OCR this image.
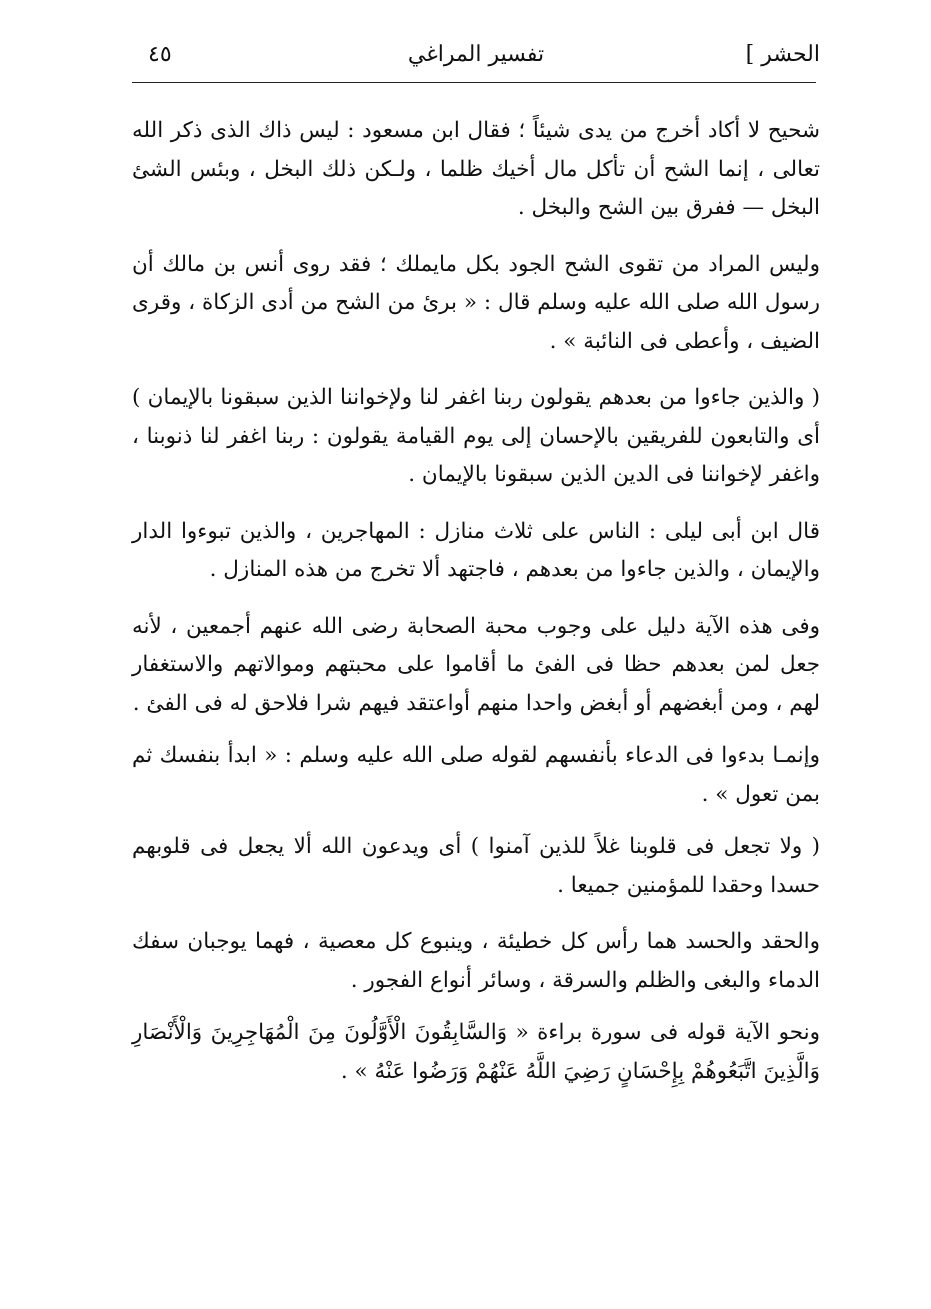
الحشر ]
تفسير المراغي
٤٥

شحيح لا أكاد أخرج من يدى شيئاً ؛ فقال ابن مسعود : ليس ذاك الذى ذكر الله تعالى ، إنما الشح أن تأكل مال أخيك ظلما ، ولـكن ذلك البخل ، وبئس الشئ البخل — ففرق بين الشح والبخل .

وليس المراد من تقوى الشح الجود بكل مايملك ؛ فقد روى أنس بن مالك أن رسول الله صلى الله عليه وسلم قال : « برئ من الشح من أدى الزكاة ، وقرى الضيف ، وأعطى فى النائبة » .

( والذين جاءوا من بعدهم يقولون ربنا اغفر لنا ولإخواننا الذين سبقونا بالإيمان ) أى والتابعون للفريقين بالإحسان إلى يوم القيامة يقولون : ربنا اغفر لنا ذنوبنا ، واغفر لإخواننا فى الدين الذين سبقونا بالإيمان .

قال ابن أبى ليلى : الناس على ثلاث منازل : المهاجرين ، والذين تبوءوا الدار والإيمان ، والذين جاءوا من بعدهم ، فاجتهد ألا تخرج من هذه المنازل .

وفى هذه الآية دليل على وجوب محبة الصحابة رضى الله عنهم أجمعين ، لأنه جعل لمن بعدهم حظا فى الفئ ما أقاموا على محبتهم وموالاتهم والاستغفار لهم ، ومن أبغضهم أو أبغض واحدا منهم أواعتقد فيهم شرا فلاحق له فى الفئ .

وإنمـا بدءوا فى الدعاء بأنفسهم لقوله صلى الله عليه وسلم : « ابدأ بنفسك ثم بمن تعول » .

( ولا تجعل فى قلوبنا غلاً للذين آمنوا ) أى ويدعون الله ألا يجعل فى قلوبهم حسدا وحقدا للمؤمنين جميعا .

والحقد والحسد هما رأس كل خطيئة ، وينبوع كل معصية ، فهما يوجبان سفك الدماء والبغى والظلم والسرقة ، وسائر أنواع الفجور .

ونحو الآية قوله فى سورة براءة « وَالسَّابِقُونَ الْأَوَّلُونَ مِنَ الْمُهَاجِرِينَ وَالْأَنْصَارِ وَالَّذِينَ اتَّبَعُوهُمْ بِإِحْسَانٍ رَضِيَ اللَّهُ عَنْهُمْ وَرَضُوا عَنْهُ » .
